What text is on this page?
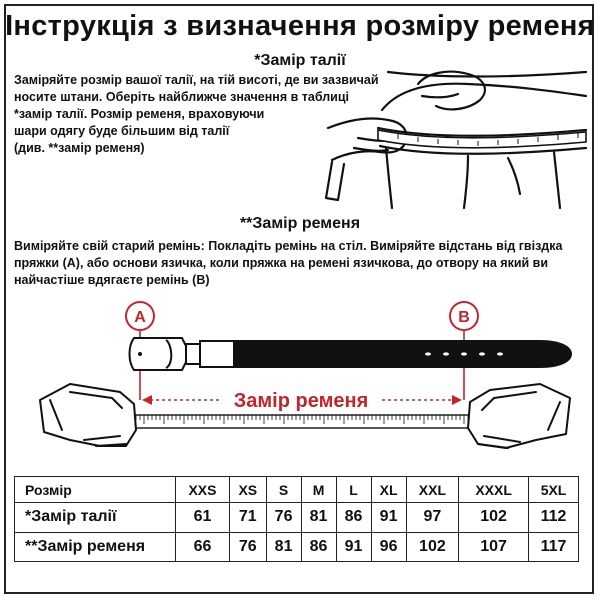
Інструкція з визначення розміру ременя
*Замір талії
Заміряйте розмір вашої талії, на тій висоті, де ви зазвичай
носите штани. Оберіть найближче значення в таблиці
*замір талії. Розмір ременя, враховуючи
шари одягу буде більшим від талії
(див. **замір ременя)
**Замір ременя
Виміряйте свій старий ремінь: Покладіть ремінь на стіл. Виміряйте відстань від гвіздка
пряжки (A), або основи язичка, коли пряжка на ремені язичкова, до отвору на який ви
найчастіше вдягаєте ремінь (B)
A	B
Замір ременя
Розмір	XXS	XS	S	M	L	XL	XXL	XXXL	5XL
*Замір талії	61	71	76	81	86	91	97	102	112
**Замір ременя	66	76	81	86	91	96	102	107	117
